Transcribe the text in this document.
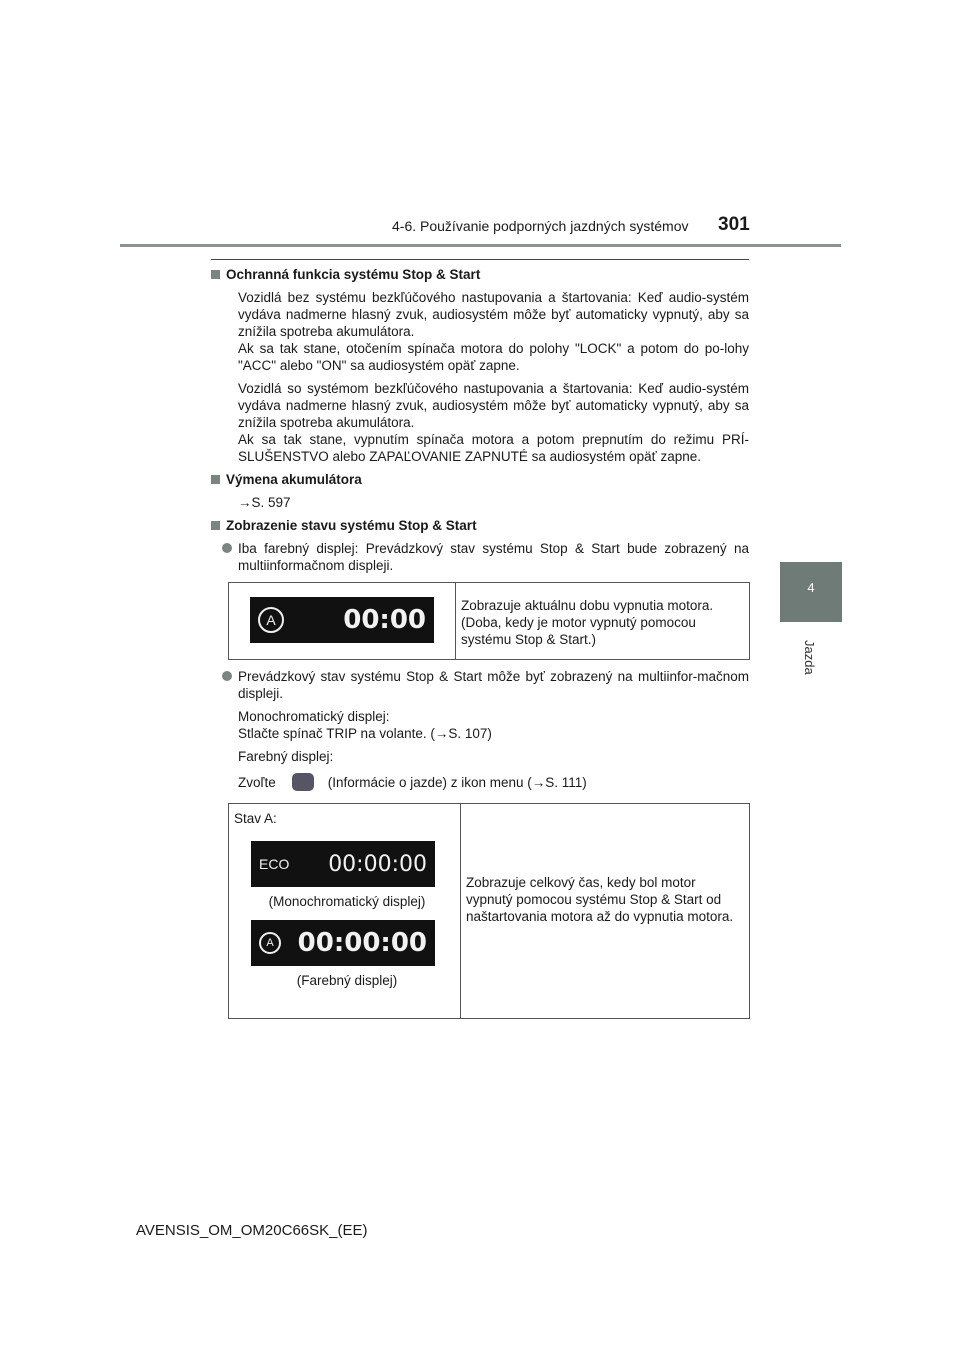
4-6. Používanie podporných jazdných systémov 301
4
Jazda
Ochranná funkcia systému Stop & Start

Vozidlá bez systému bezkľúčového nastupovania a štartovania: Keď audio-systém vydáva nadmerne hlasný zvuk, audiosystém môže byť automaticky vypnutý, aby sa znížila spotreba akumulátora.
Ak sa tak stane, otočením spínača motora do polohy "LOCK" a potom do po-lohy "ACC" alebo "ON" sa audiosystém opäť zapne.

Vozidlá so systémom bezkľúčového nastupovania a štartovania: Keď audio-systém vydáva nadmerne hlasný zvuk, audiosystém môže byť automaticky vypnutý, aby sa znížila spotreba akumulátora.
Ak sa tak stane, vypnutím spínača motora a potom prepnutím do režimu PRÍ-SLUŠENSTVO alebo ZAPAĽOVANIE ZAPNUTÉ sa audiosystém opäť zapne.

Výmena akumulátora

→S. 597

Zobrazenie stavu systému Stop & Start
Iba farebný displej: Prevádzkový stav systému Stop & Start bude zobrazený na multiinformačnom displeji.
A	00:00	Zobrazuje aktuálnu dobu vypnutia motora. (Doba, kedy je motor vypnutý pomocou systému Stop & Start.)
Prevádzkový stav systému Stop & Start môže byť zobrazený na multiinfor-mačnom displeji.

Monochromatický displej:
Stlačte spínač TRIP na volante. (→S. 107)

Farebný displej:

Zvoľte	(Informácie o jazde) z ikon menu (→S. 111)

Stav A:
ECO 00:00:00
(Monochromatický displej)
A 00:00:00
(Farebný displej)
	Zobrazuje celkový čas, kedy bol motor vypnutý pomocou systému Stop & Start od naštartovania motora až do vypnutia motora.
AVENSIS_OM_OM20C66SK_(EE)
